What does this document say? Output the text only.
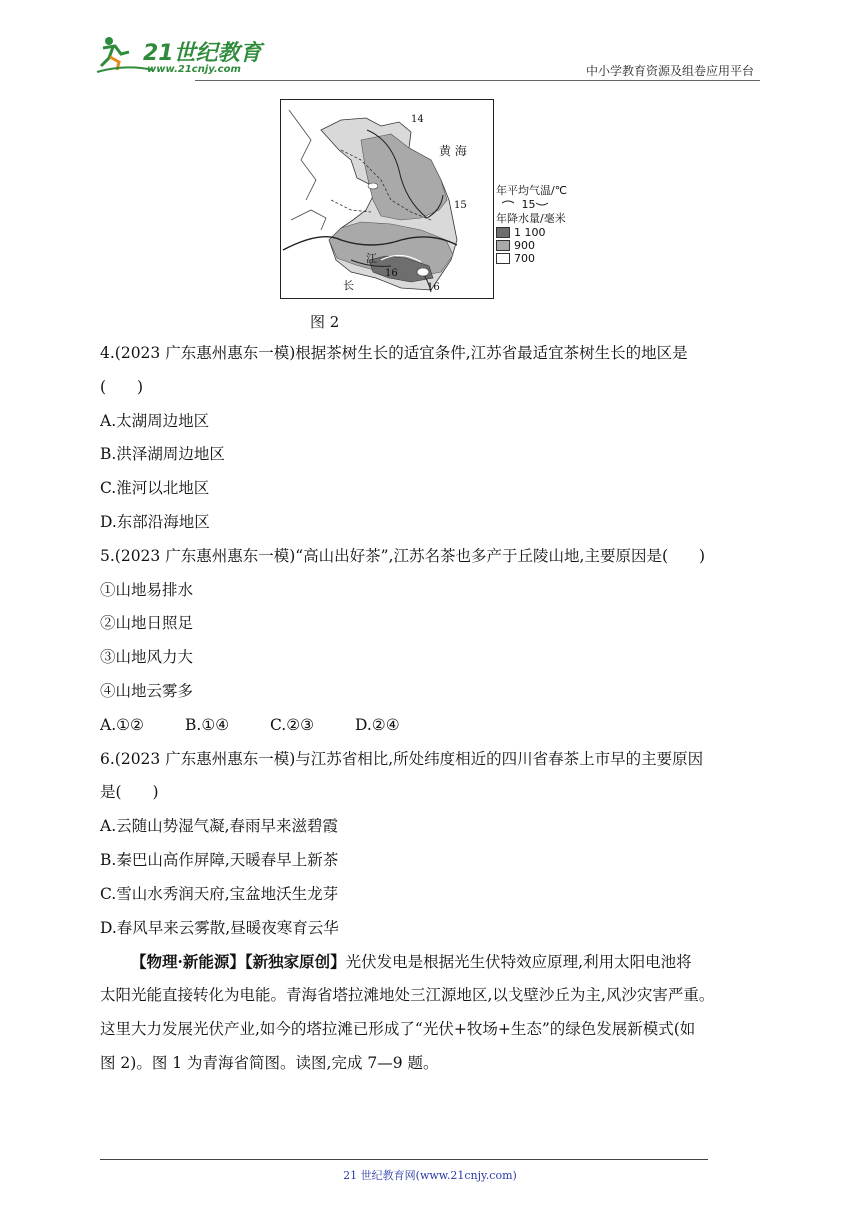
21世纪教育
www.21cnjy.com	中小学教育资源及组卷应用平台
黄 海
14
15
江
16
长	16
年平均气温/℃
15
年降水量/毫米
1 100
900
700
图 2
4.(2023 广东惠州惠东一模)根据茶树生长的适宜条件,江苏省最适宜茶树生长的地区是
(　　)
A.太湖周边地区
B.洪泽湖周边地区
C.淮河以北地区
D.东部沿海地区
5.(2023 广东惠州惠东一模)“高山出好茶”,江苏名茶也多产于丘陵山地,主要原因是(　　)
①山地易排水
②山地日照足
③山地风力大
④山地云雾多
A.①②	B.①④	C.②③	D.②④
6.(2023 广东惠州惠东一模)与江苏省相比,所处纬度相近的四川省春茶上市早的主要原因
是(　　)
A.云随山势湿气凝,春雨早来滋碧霞
B.秦巴山高作屏障,天暖春早上新茶
C.雪山水秀润天府,宝盆地沃生龙芽
D.春风早来云雾散,昼暖夜寒育云华
【物理·新能源】【新独家原创】光伏发电是根据光生伏特效应原理,利用太阳电池将
太阳光能直接转化为电能。青海省塔拉滩地处三江源地区,以戈壁沙丘为主,风沙灾害严重。
这里大力发展光伏产业,如今的塔拉滩已形成了“光伏+牧场+生态”的绿色发展新模式(如
图 2)。图 1 为青海省简图。读图,完成 7—9 题。
21 世纪教育网(www.21cnjy.com)
